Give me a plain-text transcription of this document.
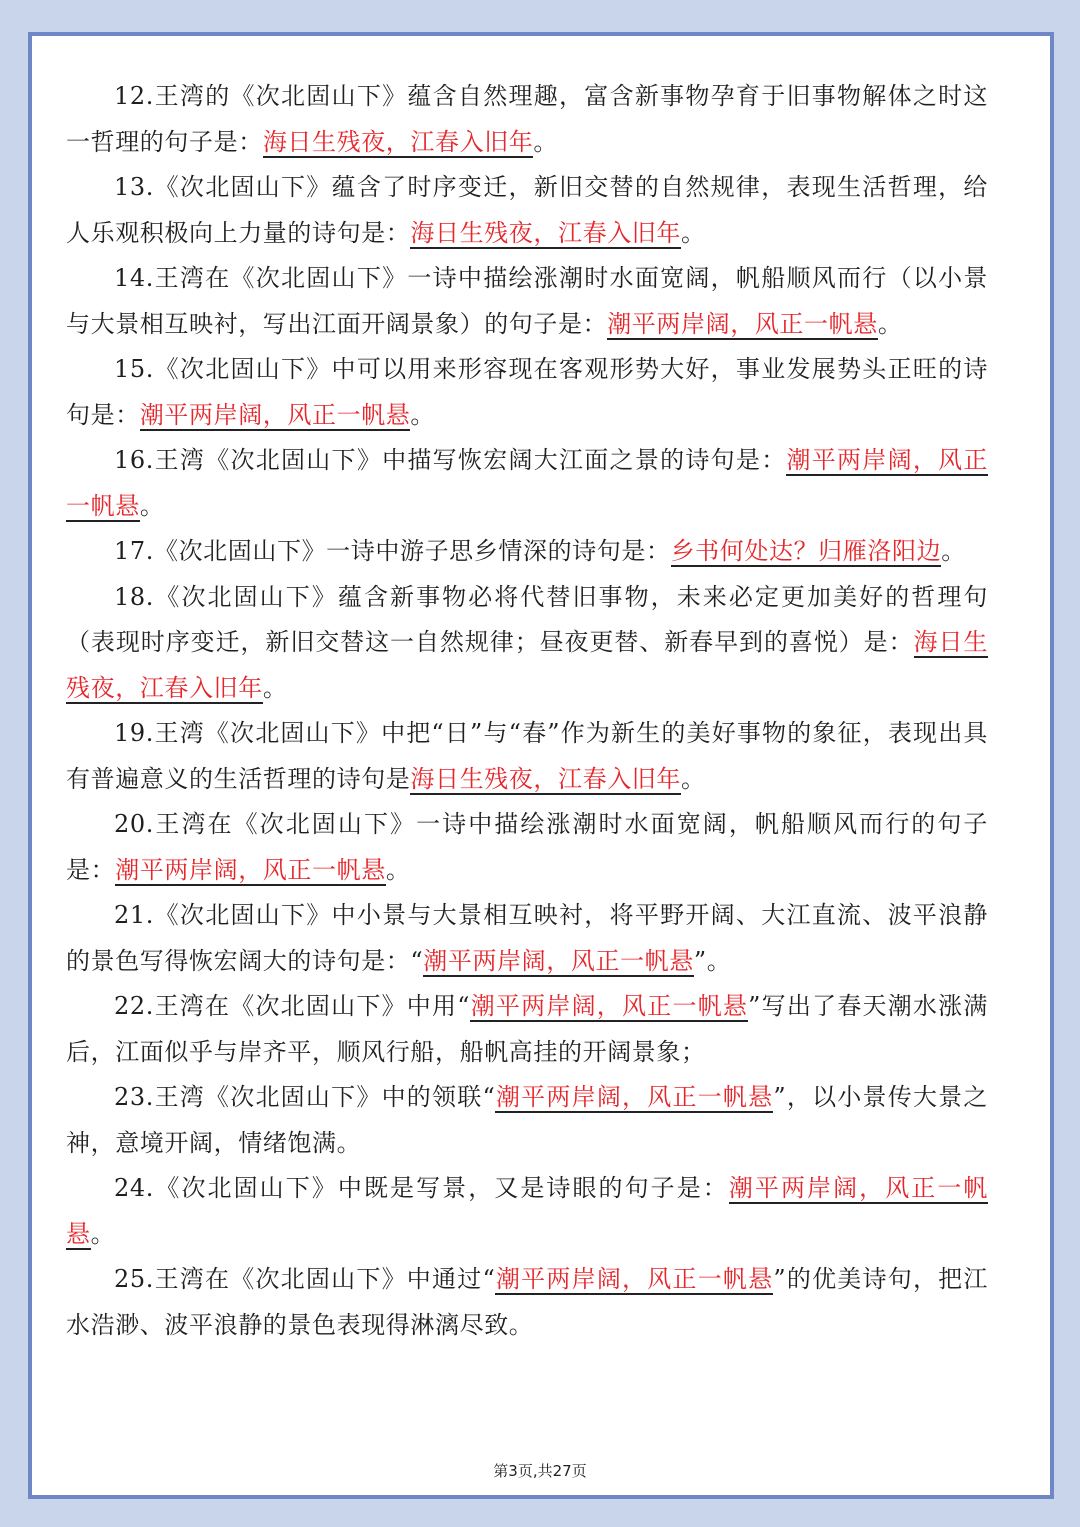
12.王湾的《次北固山下》蕴含自然理趣，富含新事物孕育于旧事物解体之时这一哲理的句子是：海日生残夜，江春入旧年。

13.《次北固山下》蕴含了时序变迁，新旧交替的自然规律，表现生活哲理，给人乐观积极向上力量的诗句是：海日生残夜，江春入旧年。

14.王湾在《次北固山下》一诗中描绘涨潮时水面宽阔，帆船顺风而行（以小景与大景相互映衬，写出江面开阔景象）的句子是：潮平两岸阔，风正一帆悬。

15.《次北固山下》中可以用来形容现在客观形势大好，事业发展势头正旺的诗句是：潮平两岸阔，风正一帆悬。

16.王湾《次北固山下》中描写恢宏阔大江面之景的诗句是：潮平两岸阔，风正一帆悬。

17.《次北固山下》一诗中游子思乡情深的诗句是：乡书何处达？归雁洛阳边。

18.《次北固山下》蕴含新事物必将代替旧事物，未来必定更加美好的哲理句（表现时序变迁，新旧交替这一自然规律；昼夜更替、新春早到的喜悦）是：海日生残夜，江春入旧年。

19.王湾《次北固山下》中把“日”与“春”作为新生的美好事物的象征，表现出具有普遍意义的生活哲理的诗句是海日生残夜，江春入旧年。

20.王湾在《次北固山下》一诗中描绘涨潮时水面宽阔，帆船顺风而行的句子是：潮平两岸阔，风正一帆悬。

21.《次北固山下》中小景与大景相互映衬，将平野开阔、大江直流、波平浪静的景色写得恢宏阔大的诗句是：“潮平两岸阔，风正一帆悬”。

22.王湾在《次北固山下》中用“潮平两岸阔，风正一帆悬”写出了春天潮水涨满后，江面似乎与岸齐平，顺风行船，船帆高挂的开阔景象；

23.王湾《次北固山下》中的领联“潮平两岸阔，风正一帆悬”，以小景传大景之神，意境开阔，情绪饱满。

24.《次北固山下》中既是写景，又是诗眼的句子是：潮平两岸阔，风正一帆悬。

25.王湾在《次北固山下》中通过“潮平两岸阔，风正一帆悬”的优美诗句，把江水浩渺、波平浪静的景色表现得淋漓尽致。

第3页,共27页
